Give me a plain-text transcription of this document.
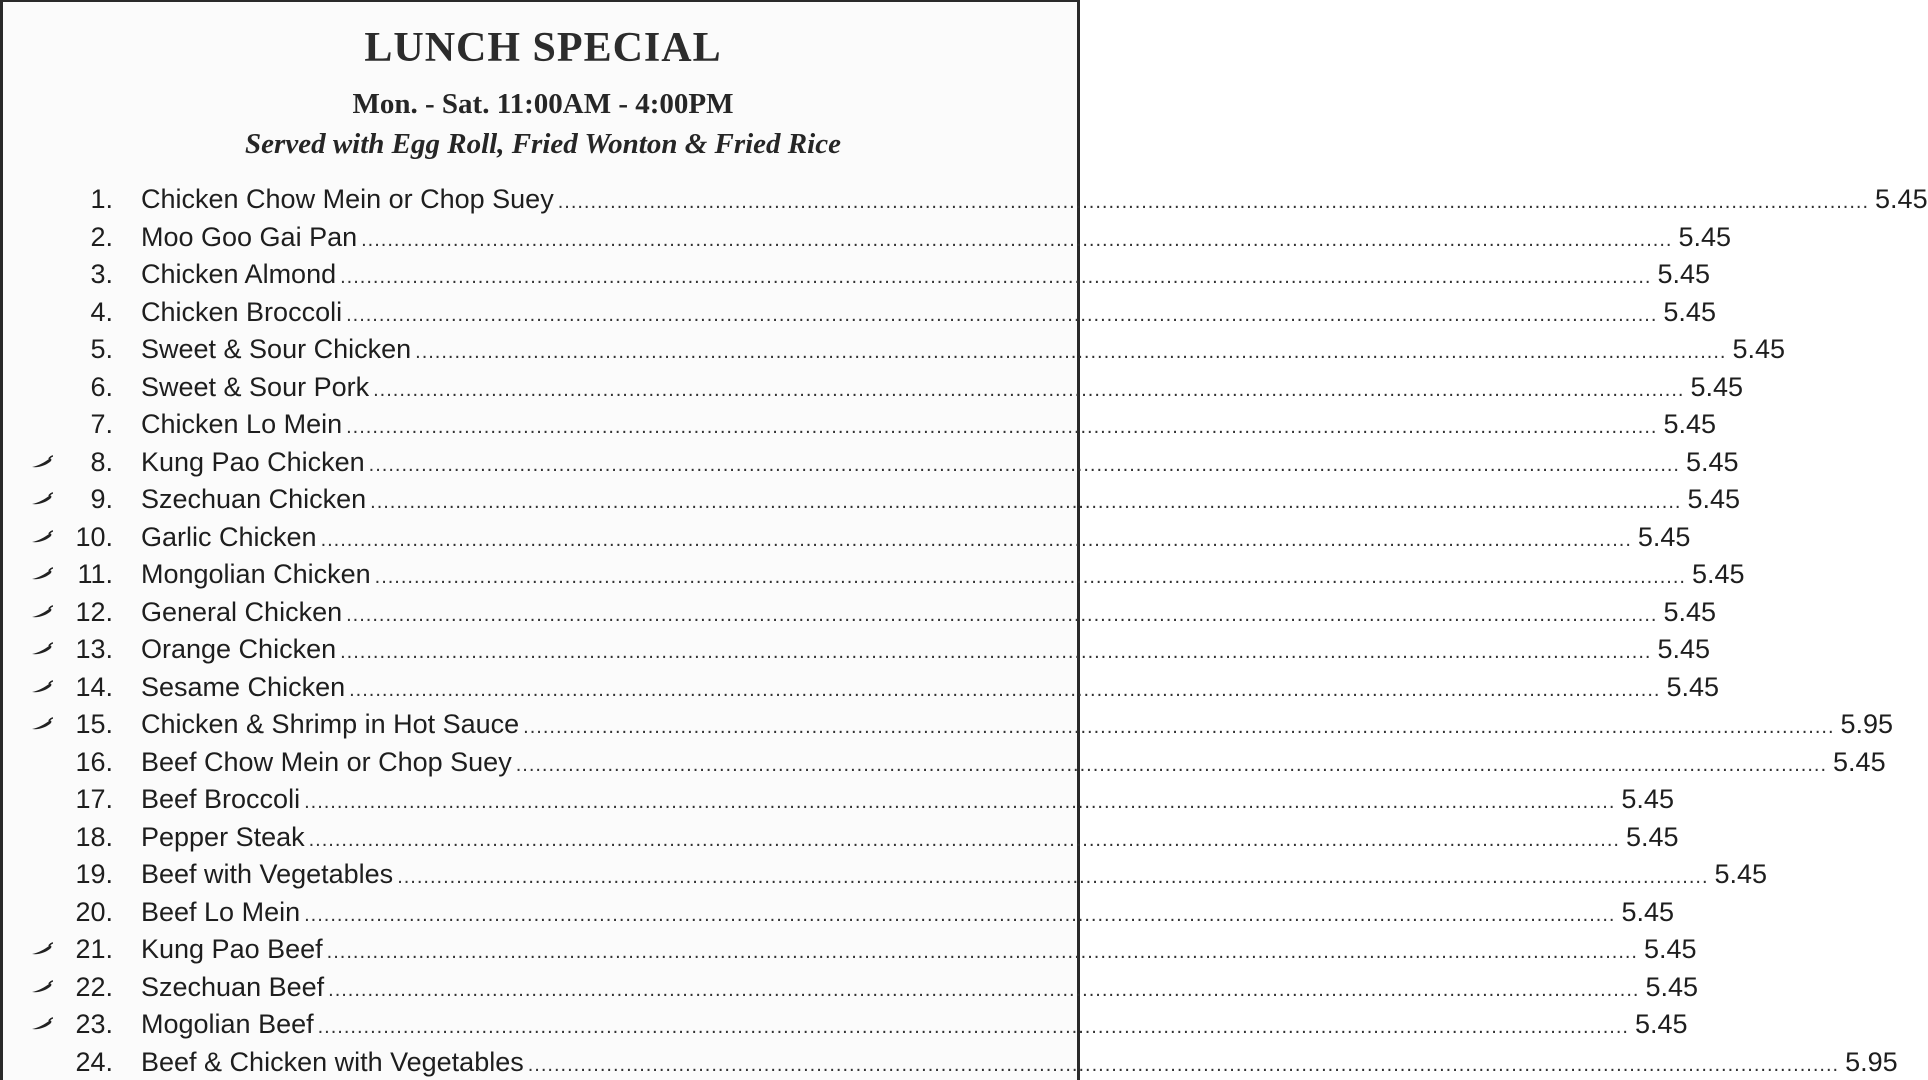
LUNCH SPECIAL
Mon. - Sat. 11:00AM - 4:00PM
Served with Egg Roll, Fried Wonton & Fried Rice
1. Chicken Chow Mein or Chop Suey ........................................................................................................................................................................................................ 5.45
2. Moo Goo Gai Pan ........................................................................................................................................................................................................ 5.45
3. Chicken Almond ........................................................................................................................................................................................................ 5.45
4. Chicken Broccoli ........................................................................................................................................................................................................ 5.45
5. Sweet & Sour Chicken ........................................................................................................................................................................................................ 5.45
6. Sweet & Sour Pork ........................................................................................................................................................................................................ 5.45
7. Chicken Lo Mein ........................................................................................................................................................................................................ 5.45
8. Kung Pao Chicken ........................................................................................................................................................................................................ 5.45
9. Szechuan Chicken ........................................................................................................................................................................................................ 5.45
10. Garlic Chicken ........................................................................................................................................................................................................ 5.45
11. Mongolian Chicken ........................................................................................................................................................................................................ 5.45
12. General Chicken ........................................................................................................................................................................................................ 5.45
13. Orange Chicken ........................................................................................................................................................................................................ 5.45
14. Sesame Chicken ........................................................................................................................................................................................................ 5.45
15. Chicken & Shrimp in Hot Sauce ........................................................................................................................................................................................................ 5.95
16. Beef Chow Mein or Chop Suey ........................................................................................................................................................................................................ 5.45
17. Beef Broccoli ........................................................................................................................................................................................................ 5.45
18. Pepper Steak ........................................................................................................................................................................................................ 5.45
19. Beef with Vegetables ........................................................................................................................................................................................................ 5.45
20. Beef Lo Mein ........................................................................................................................................................................................................ 5.45
21. Kung Pao Beef ........................................................................................................................................................................................................ 5.45
22. Szechuan Beef ........................................................................................................................................................................................................ 5.45
23. Mogolian Beef ........................................................................................................................................................................................................ 5.45
24. Beef & Chicken with Vegetables ........................................................................................................................................................................................................ 5.95
